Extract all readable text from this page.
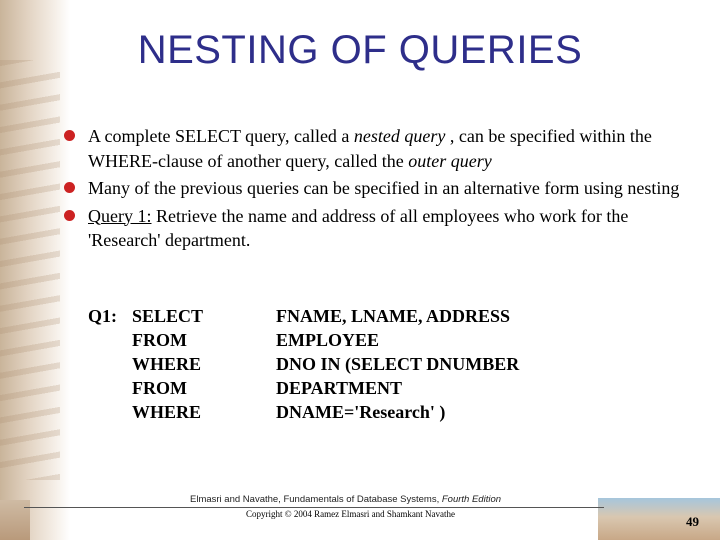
NESTING OF QUERIES
A complete SELECT query, called a nested query , can be specified within the WHERE-clause of another query, called the outer query
Many of the previous queries can be specified in an alternative form using nesting
Query 1: Retrieve the name and address of all employees who work for the 'Research' department.
Q1: SELECT	FNAME, LNAME, ADDRESS
FROM	EMPLOYEE
WHERE	DNO IN (SELECT DNUMBER
FROM	DEPARTMENT
WHERE	DNAME='Research' )
Elmasri and Navathe, Fundamentals of Database Systems, Fourth Edition
Copyright © 2004 Ramez Elmasri and Shamkant Navathe	49
